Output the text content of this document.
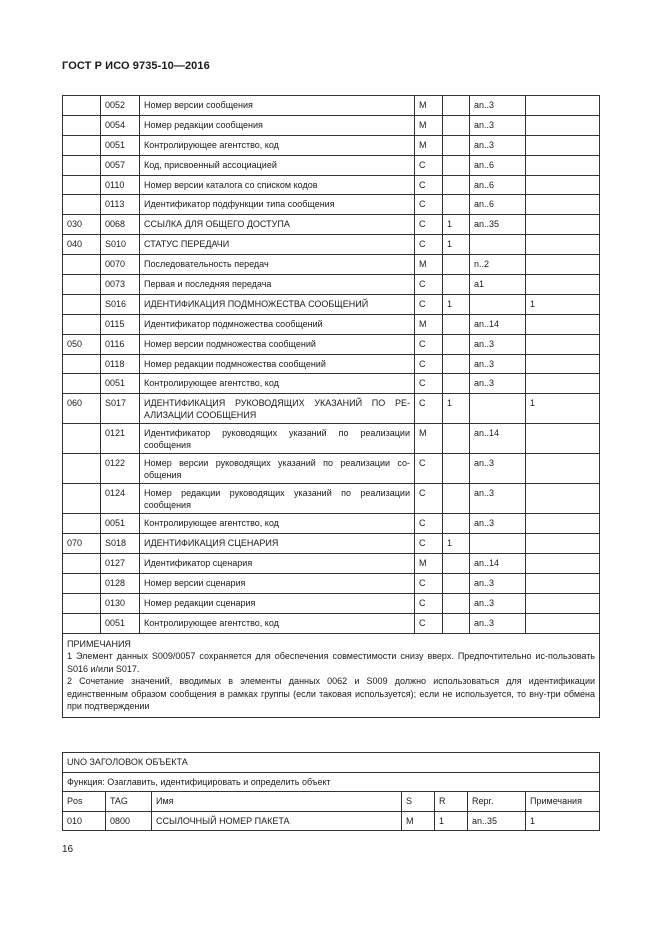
ГОСТ Р ИСО 9735-10—2016
	0052	Номер версии сообщения	M		an..3	
	0054	Номер редакции сообщения	M		an..3	
	0051	Контролирующее агентство, код	M		an..3	
	0057	Код, присвоенный ассоциацией	C		an..6	
	0110	Номер версии каталога со списком кодов	C		an..6	
	0113	Идентификатор подфункции типа сообщения	C		an..6	
030	0068	ССЫЛКА ДЛЯ ОБЩЕГО ДОСТУПА	C	1	an..35	
040	S010	СТАТУС ПЕРЕДАЧИ	C	1		
	0070	Последовательность передач	M		n..2	
	0073	Первая и последняя передача	C		a1	
	S016	ИДЕНТИФИКАЦИЯ ПОДМНОЖЕСТВА СООБЩЕНИЙ	C	1		1
	0115	Идентификатор подмножества сообщений	M		an..14	
050	0116	Номер версии подмножества сообщений	C		an..3	
	0118	Номер редакции подмножества сообщений	C		an..3	
	0051	Контролирующее агентство, код	C		an..3	
060	S017	ИДЕНТИФИКАЦИЯ РУКОВОДЯЩИХ УКАЗАНИЙ ПО РЕ-АЛИЗАЦИИ СООБЩЕНИЯ	C	1		1
	0121	Идентификатор руководящих указаний по реализации сообщения	M		an..14	
	0122	Номер версии руководящих указаний по реализации со-общения	C		an..3	
	0124	Номер редакции руководящих указаний по реализации сообщения	C		an..3	
	0051	Контролирующее агентство, код	C		an..3	
070	S018	ИДЕНТИФИКАЦИЯ СЦЕНАРИЯ	C	1		
	0127	Идентификатор сценария	M		an..14	
	0128	Номер версии сценария	C		an..3	
	0130	Номер редакции сценария	C		an..3	
	0051	Контролирующее агентство, код	C		an..3	

ПРИМЕЧАНИЯ

1 Элемент данных S009/0057 сохраняется для обеспечения совместимости снизу вверх. Предпочтительно ис-пользовать S016 и/или S017.

2 Сочетание значений, вводимых в элементы данных 0062 и S009 должно использоваться для идентификации единственным образом сообщения в рамках группы (если таковая используется); если не используется, то вну-три обмена при подтверждении						

UNO ЗАГОЛОВОК ОБЪЕКТА						
Функция: Озаглавить, идентифицировать и определить объект						
Pos	TAG	Имя	S	R	Repr.	Примечания
010	0800	ССЫЛОЧНЫЙ НОМЕР ПАКЕТА	M	1	an..35	1
16
